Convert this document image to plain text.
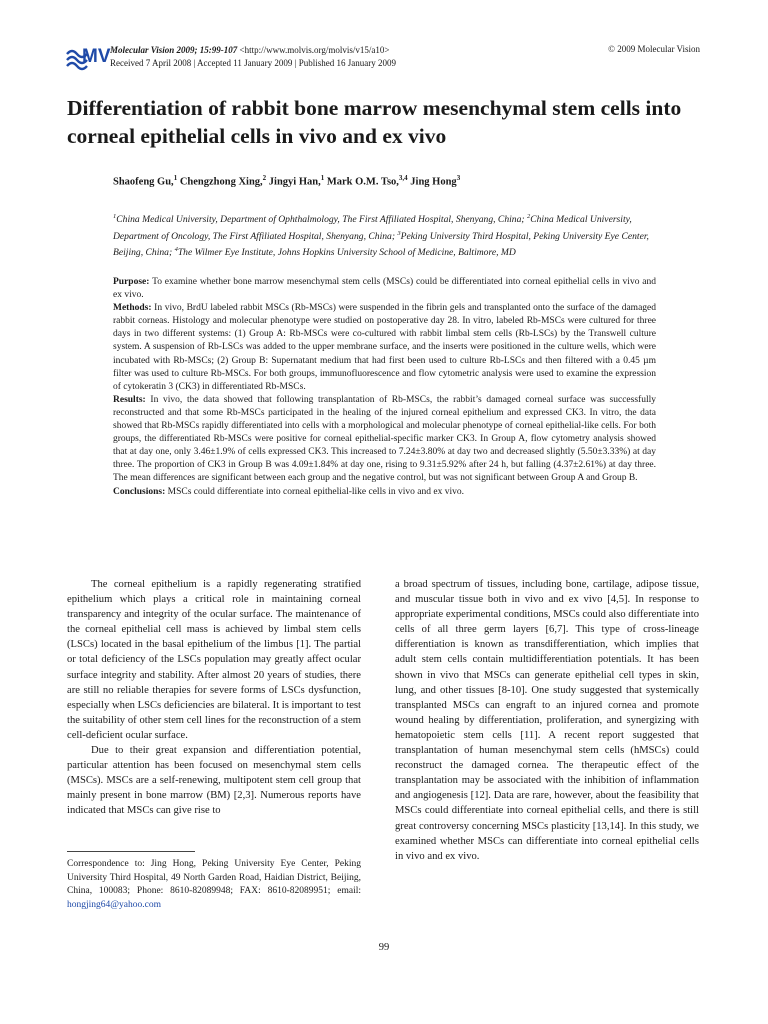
MV Molecular Vision 2009; 15:99-107 <http://www.molvis.org/molvis/v15/a10>
Received 7 April 2008 | Accepted 11 January 2009 | Published 16 January 2009
© 2009 Molecular Vision
Differentiation of rabbit bone marrow mesenchymal stem cells into corneal epithelial cells in vivo and ex vivo
Shaofeng Gu,$^1$ Chengzhong Xing,$^2$ Jingyi Han,$^1$ Mark O.M. Tso,$^{3,4}$ Jing Hong$^3$
$^1$China Medical University, Department of Ophthalmology, The First Affiliated Hospital, Shenyang, China; $^2$China Medical University, Department of Oncology, The First Affiliated Hospital, Shenyang, China; $^3$Peking University Third Hospital, Peking University Eye Center, Beijing, China; $^4$The Wilmer Eye Institute, Johns Hopkins University School of Medicine, Baltimore, MD

Purpose: To examine whether bone marrow mesenchymal stem cells (MSCs) could be differentiated into corneal epithelial cells in vivo and ex vivo.

Methods: In vivo, BrdU labeled rabbit MSCs (Rb-MSCs) were suspended in the fibrin gels and transplanted onto the surface of the damaged rabbit corneas. Histology and molecular phenotype were studied on postoperative day 28. In vitro, labeled Rb-MSCs were cultured for three days in two different systems: (1) Group A: Rb-MSCs were co-cultured with rabbit limbal stem cells (Rb-LSCs) by the Transwell culture system. A suspension of Rb-LSCs was added to the upper membrane surface, and the inserts were positioned in the culture wells, which were incubated with Rb-MSCs; (2) Group B: Supernatant medium that had first been used to culture Rb-LSCs and then filtered with a 0.45 µm filter was used to culture Rb-MSCs. For both groups, immunofluorescence and flow cytometric analysis were used to examine the expression of cytokeratin 3 (CK3) in differentiated Rb-MSCs.

Results: In vivo, the data showed that following transplantation of Rb-MSCs, the rabbit’s damaged corneal surface was successfully reconstructed and that some Rb-MSCs participated in the healing of the injured corneal epithelium and expressed CK3. In vitro, the data showed that Rb-MSCs rapidly differentiated into cells with a morphological and molecular phenotype of corneal epithelial-like cells. For both groups, the differentiated Rb-MSCs were positive for corneal epithelial-specific marker CK3. In Group A, flow cytometry analysis showed that at day one, only 3.46±1.9% of cells expressed CK3. This increased to 7.24±3.80% at day two and decreased slightly (5.50±3.33%) at day three. The proportion of CK3 in Group B was 4.09±1.84% at day one, rising to 9.31±5.92% after 24 h, but falling (4.37±2.61%) at day three. The mean differences are significant between each group and the negative control, but was not significant between Group A and Group B.

Conclusions: MSCs could differentiate into corneal epithelial-like cells in vivo and ex vivo.

The corneal epithelium is a rapidly regenerating stratified epithelium which plays a critical role in maintaining corneal transparency and integrity of the ocular surface. The maintenance of the corneal epithelial cell mass is achieved by limbal stem cells (LSCs) located in the basal epithelium of the limbus [1]. The partial or total deficiency of the LSCs population may greatly affect ocular surface integrity and stability. After almost 20 years of studies, there are still no reliable therapies for severe forms of LSCs dysfunction, especially when LSCs deficiencies are bilateral. It is important to test the suitability of other stem cell lines for the reconstruction of a stem cell-deficient ocular surface.

Due to their great expansion and differentiation potential, particular attention has been focused on mesenchymal stem cells (MSCs). MSCs are a self-renewing, multipotent stem cell group that mainly present in bone marrow (BM) [2,3]. Numerous reports have indicated that MSCs can give rise to

a broad spectrum of tissues, including bone, cartilage, adipose tissue, and muscular tissue both in vivo and ex vivo [4,5]. In response to appropriate experimental conditions, MSCs could also differentiate into cells of all three germ layers [6,7]. This type of cross-lineage differentiation is known as transdifferentiation, which implies that adult stem cells contain multidifferentiation potentials. It has been shown in vivo that MSCs can generate epithelial cell types in skin, lung, and other tissues [8-10]. One study suggested that systemically transplanted MSCs can engraft to an injured cornea and promote wound healing by differentiation, proliferation, and synergizing with hematopoietic stem cells [11]. A recent report suggested that transplantation of human mesenchymal stem cells (hMSCs) could reconstruct the damaged cornea. The therapeutic effect of the transplantation may be associated with the inhibition of inflammation and angiogenesis [12]. Data are rare, however, about the feasibility that MSCs could differentiate into corneal epithelial cells, and there is still great controversy concerning MSCs plasticity [13,14]. In this study, we examined whether MSCs can differentiate into corneal epithelial cells in vivo and ex vivo.

Correspondence to: Jing Hong, Peking University Eye Center, Peking University Third Hospital, 49 North Garden Road, Haidian District, Beijing, China, 100083; Phone: 8610-82089948; FAX: 8610-82089951; email: hongjing64@yahoo.com
99
